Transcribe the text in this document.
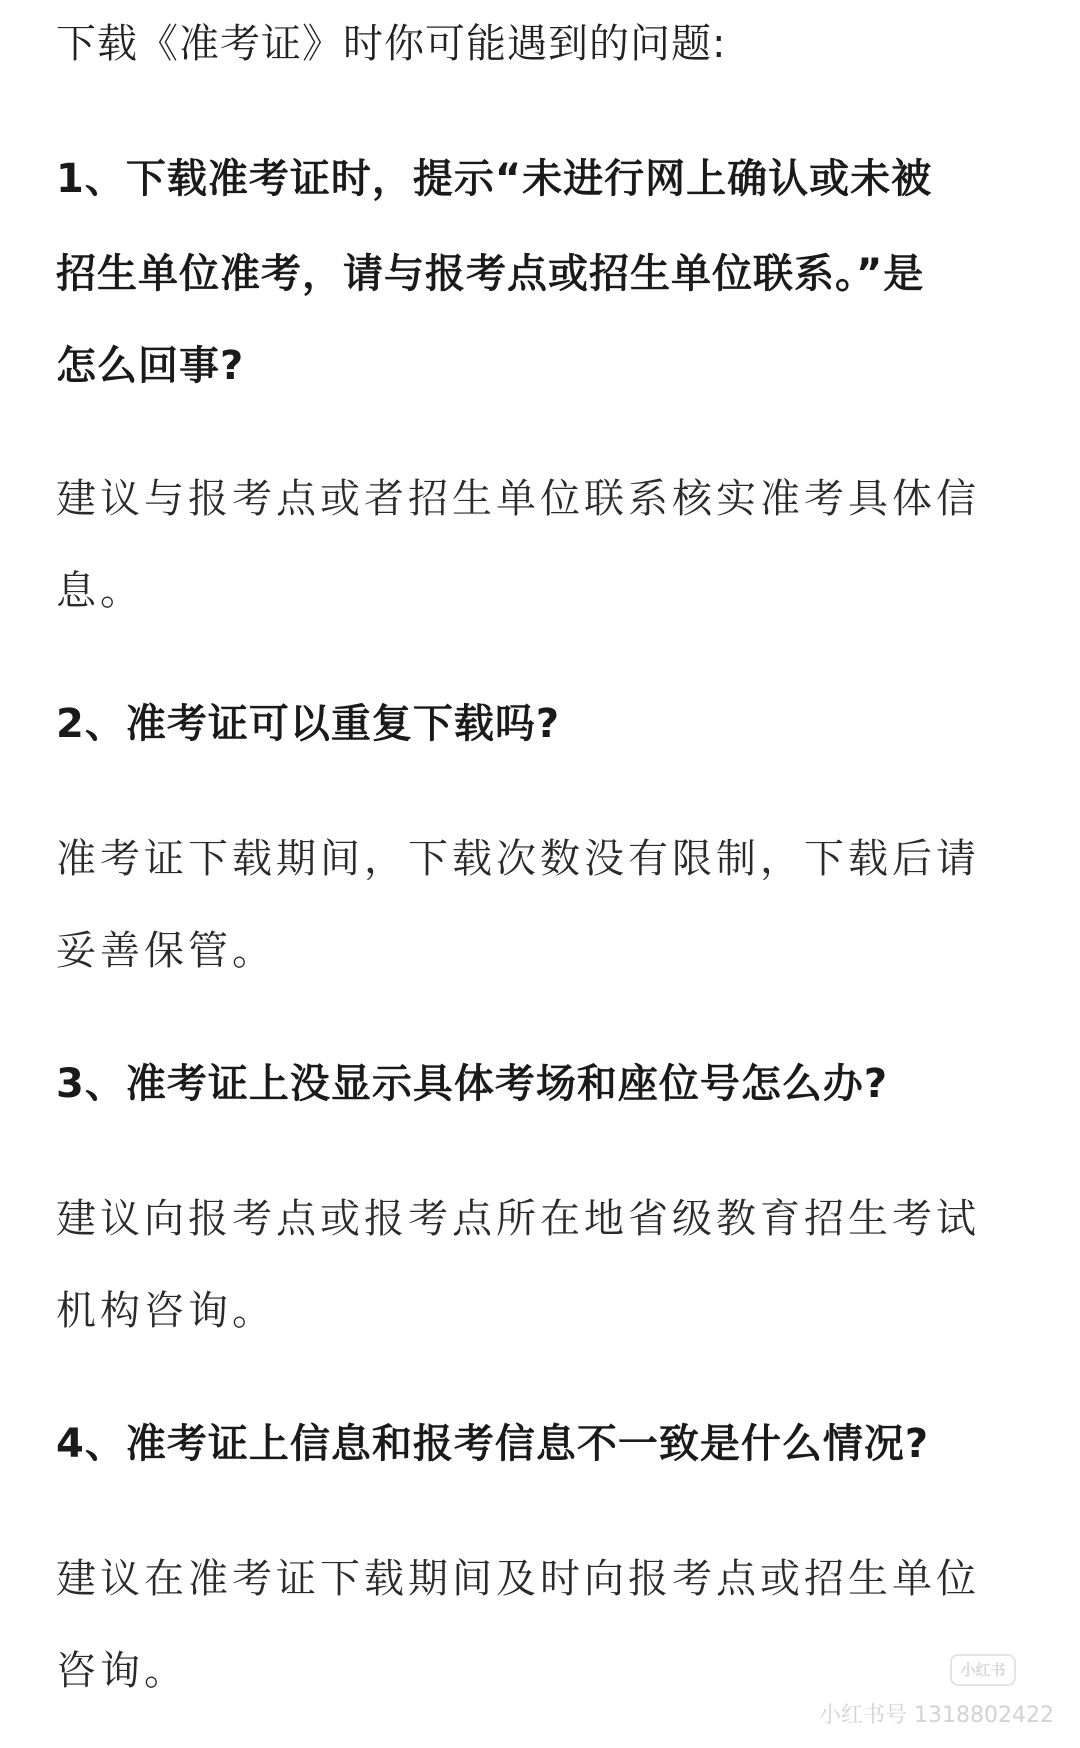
下载《准考证》时你可能遇到的问题:

1、下载准考证时，提示“未进行网上确认或未被

招生单位准考，请与报考点或招生单位联系。”是

怎么回事?

建议与报考点或者招生单位联系核实准考具体信

息。

2、准考证可以重复下载吗?

准考证下载期间，下载次数没有限制，下载后请

妥善保管。

3、准考证上没显示具体考场和座位号怎么办?

建议向报考点或报考点所在地省级教育招生考试

机构咨询。

4、准考证上信息和报考信息不一致是什么情况?

建议在准考证下载期间及时向报考点或招生单位

咨询。	小红书
小红书号 1318802422
